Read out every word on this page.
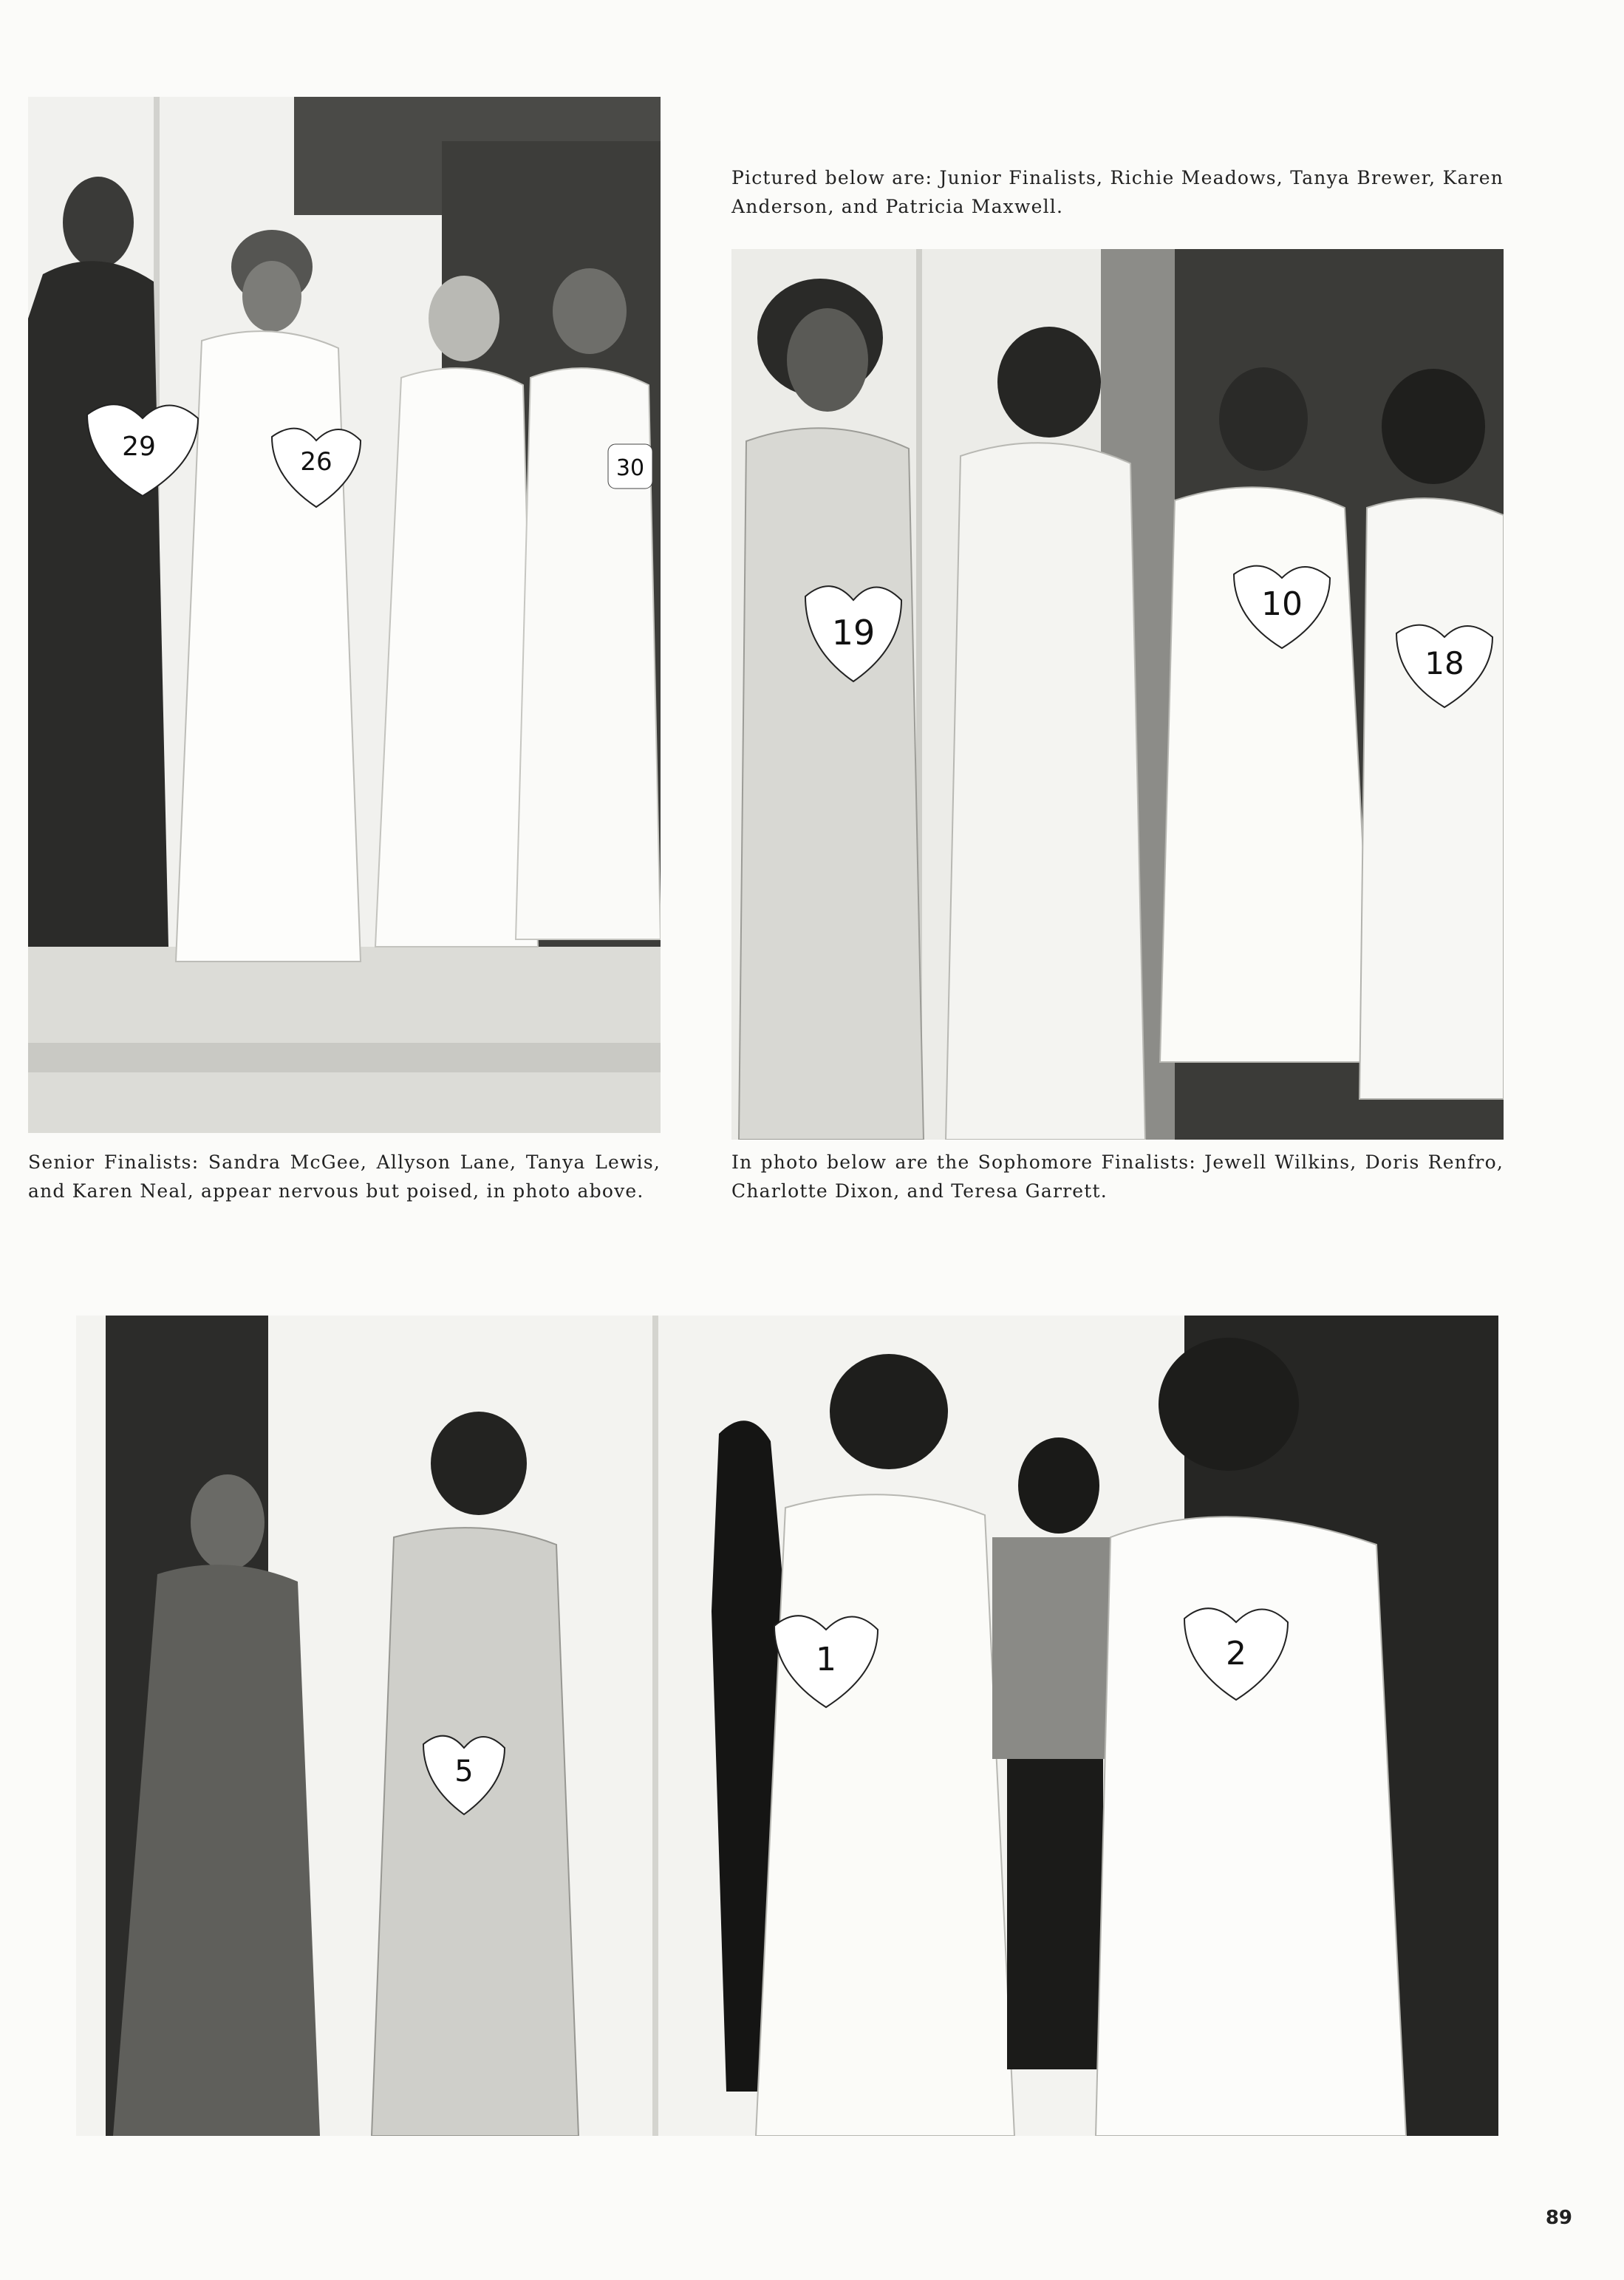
29	26	30
19
10
18
5
1	2

Senior Finalists: Sandra McGee, Allyson Lane, Tanya Lewis, and Karen Neal, appear nervous but poised, in photo above.

Pictured below are: Junior Finalists, Richie Meadows, Tanya Brewer, Karen Anderson, and Patricia Maxwell.

In photo below are the Sophomore Finalists: Jewell Wilkins, Doris Renfro, Charlotte Dixon, and Teresa Garrett.

89
